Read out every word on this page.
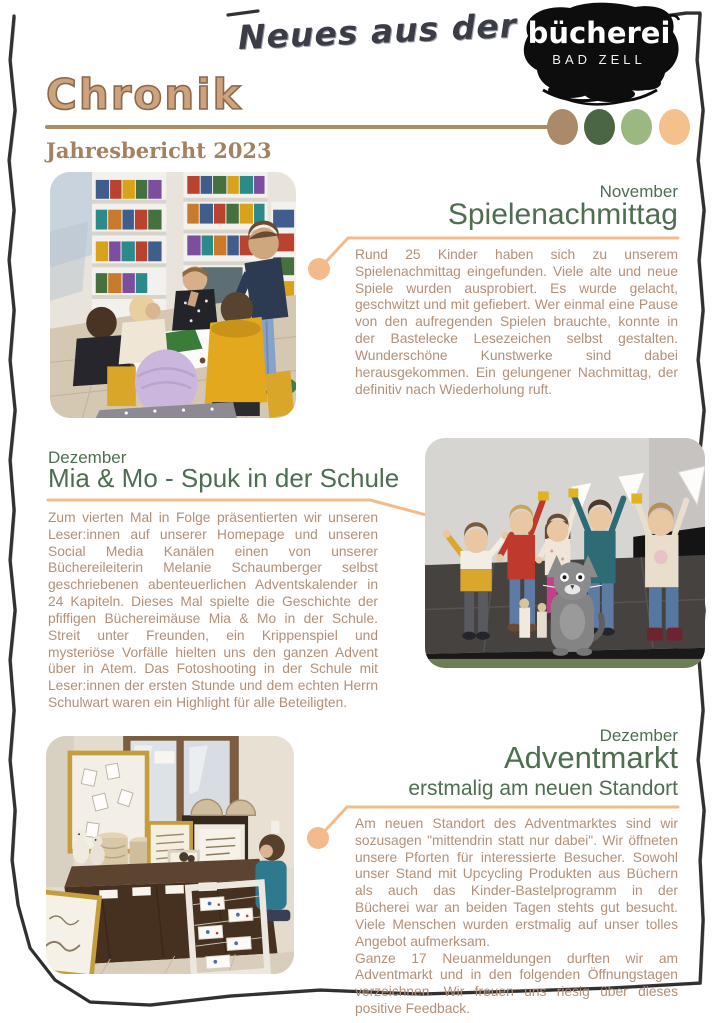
Neues aus der bücherei
BAD ZELL
Chronik
Jahresbericht 2023
November
Spielenachmittag

Rund 25 Kinder haben sich zu unserem Spielenachmittag eingefunden. Viele alte und neue Spiele wurden ausprobiert. Es wurde gelacht, geschwitzt und mit gefiebert. Wer einmal eine Pause von den aufregenden Spielen brauchte, konnte in der Bastelecke Lesezeichen selbst gestalten. Wunderschöne Kunstwerke sind dabei herausgekommen. Ein gelungener Nachmittag, der definitiv nach Wiederholung ruft.

Dezember
Mia & Mo - Spuk in der Schule

Zum vierten Mal in Folge präsentierten wir unseren Leser:innen auf unserer Homepage und unseren Social Media Kanälen einen von unserer Büchereileiterin Melanie Schaumberger selbst geschriebenen abenteuerlichen Adventskalender in 24 Kapiteln. Dieses Mal spielte die Geschichte der pfiffigen Büchereimäuse Mia & Mo in der Schule. Streit unter Freunden, ein Krippenspiel und mysteriöse Vorfälle hielten uns den ganzen Advent über in Atem. Das Fotoshooting in der Schule mit Leser:innen der ersten Stunde und dem echten Herrn Schulwart waren ein Highlight für alle Beteiligten.

Dezember
Adventmarkt
erstmalig am neuen Standort

Am neuen Standort des Adventmarktes sind wir sozusagen "mittendrin statt nur dabei". Wir öffneten unsere Pforten für interessierte Besucher. Sowohl unser Stand mit Upcycling Produkten aus Büchern als auch das Kinder-Bastelprogramm in der Bücherei war an beiden Tagen stehts gut besucht. Viele Menschen wurden erstmalig auf unser tolles Angebot aufmerksam.

Ganze 17 Neuanmeldungen durften wir am Adventmarkt und in den folgenden Öffnungstagen verzeichnen. Wir freuen uns riesig über dieses positive Feedback.
